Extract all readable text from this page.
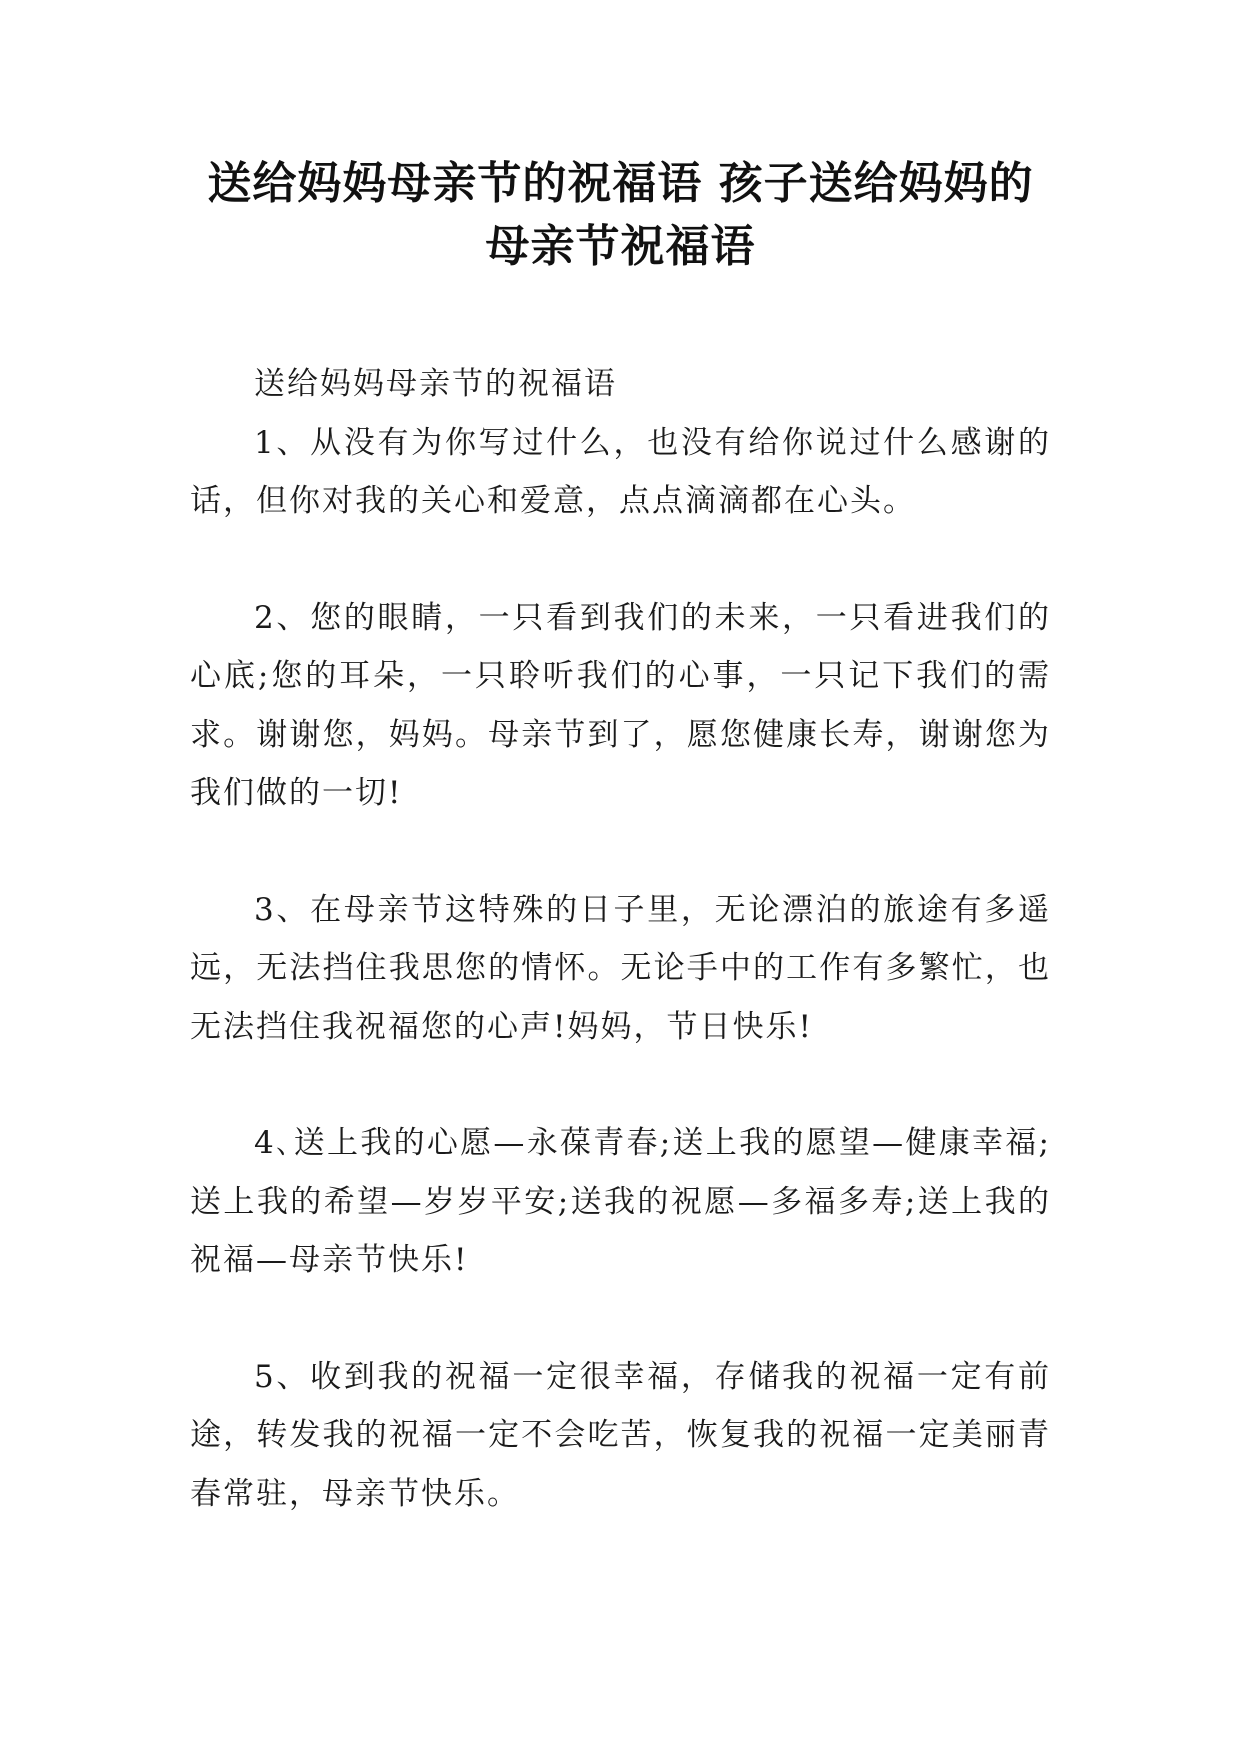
送给妈妈母亲节的祝福语 孩子送给妈妈的母亲节祝福语

送给妈妈母亲节的祝福语

1、从没有为你写过什么，也没有给你说过什么感谢的话，但你对我的关心和爱意，点点滴滴都在心头。

2、您的眼睛，一只看到我们的未来，一只看进我们的心底;您的耳朵，一只聆听我们的心事，一只记下我们的需求。谢谢您，妈妈。母亲节到了，愿您健康长寿，谢谢您为我们做的一切!

3、在母亲节这特殊的日子里，无论漂泊的旅途有多遥远，无法挡住我思您的情怀。无论手中的工作有多繁忙，也无法挡住我祝福您的心声!妈妈，节日快乐!

4､送上我的心愿—永葆青春;送上我的愿望—健康幸福;送上我的希望—岁岁平安;送我的祝愿—多福多寿;送上我的祝福—母亲节快乐!

5、收到我的祝福一定很幸福，存储我的祝福一定有前途，转发我的祝福一定不会吃苦，恢复我的祝福一定美丽青春常驻，母亲节快乐。
